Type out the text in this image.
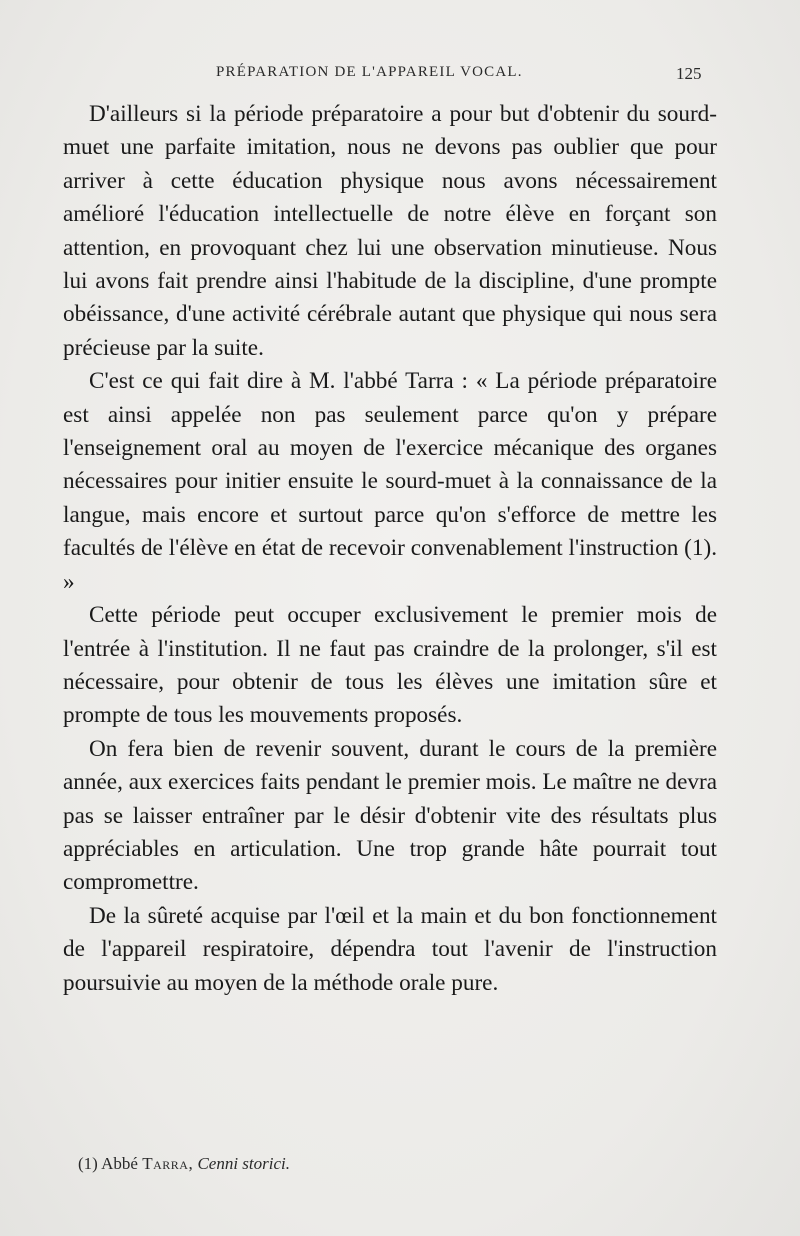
PRÉPARATION DE L'APPAREIL VOCAL.	125

D'ailleurs si la période préparatoire a pour but d'obtenir du sourd-muet une parfaite imitation, nous ne devons pas oublier que pour arriver à cette éducation physique nous avons nécessairement amélioré l'éducation intellectuelle de notre élève en forçant son attention, en provoquant chez lui une observation minutieuse. Nous lui avons fait prendre ainsi l'habitude de la discipline, d'une prompte obéissance, d'une activité cérébrale autant que physique qui nous sera précieuse par la suite.

C'est ce qui fait dire à M. l'abbé Tarra : « La période préparatoire est ainsi appelée non pas seulement parce qu'on y prépare l'enseignement oral au moyen de l'exercice mécanique des organes nécessaires pour initier ensuite le sourd-muet à la connaissance de la langue, mais encore et surtout parce qu'on s'efforce de mettre les facultés de l'élève en état de recevoir convenablement l'instruction (1). »

Cette période peut occuper exclusivement le premier mois de l'entrée à l'institution. Il ne faut pas craindre de la prolonger, s'il est nécessaire, pour obtenir de tous les élèves une imitation sûre et prompte de tous les mouvements proposés.

On fera bien de revenir souvent, durant le cours de la première année, aux exercices faits pendant le premier mois. Le maître ne devra pas se laisser entraîner par le désir d'obtenir vite des résultats plus appréciables en articulation. Une trop grande hâte pourrait tout compromettre.

De la sûreté acquise par l'œil et la main et du bon fonctionnement de l'appareil respiratoire, dépendra tout l'avenir de l'instruction poursuivie au moyen de la méthode orale pure.

(1) Abbé Tarra, Cenni storici.
